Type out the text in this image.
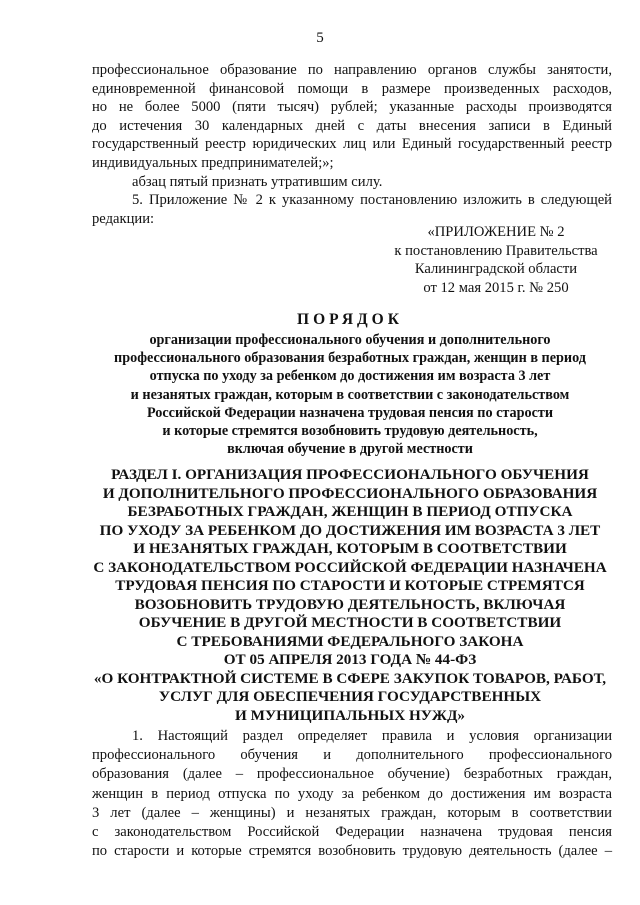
5
профессиональное образование по направлению органов службы занятости,
единовременной финансовой помощи в размере произведенных расходов,
но не более 5000 (пяти тысяч) рублей; указанные расходы производятся
до истечения 30 календарных дней с даты внесения записи в Единый
государственный реестр юридических лиц или Единый государственный реестр
индивидуальных предпринимателей;»;
абзац пятый признать утратившим силу.
5. Приложение № 2 к указанному постановлению изложить в следующей
редакции:
«ПРИЛОЖЕНИЕ № 2
к постановлению Правительства
Калининградской области
от 12 мая 2015 г. № 250
ПОРЯДОК
организации профессионального обучения и дополнительного
профессионального образования безработных граждан, женщин в период
отпуска по уходу за ребенком до достижения им возраста 3 лет
и незанятых граждан, которым в соответствии с законодательством
Российской Федерации назначена трудовая пенсия по старости
и которые стремятся возобновить трудовую деятельность,
включая обучение в другой местности
РАЗДЕЛ I. ОРГАНИЗАЦИЯ ПРОФЕССИОНАЛЬНОГО ОБУЧЕНИЯ
И ДОПОЛНИТЕЛЬНОГО ПРОФЕССИОНАЛЬНОГО ОБРАЗОВАНИЯ
БЕЗРАБОТНЫХ ГРАЖДАН, ЖЕНЩИН В ПЕРИОД ОТПУСКА
ПО УХОДУ ЗА РЕБЕНКОМ ДО ДОСТИЖЕНИЯ ИМ ВОЗРАСТА 3 ЛЕТ
И НЕЗАНЯТЫХ ГРАЖДАН, КОТОРЫМ В СООТВЕТСТВИИ
С ЗАКОНОДАТЕЛЬСТВОМ РОССИЙСКОЙ ФЕДЕРАЦИИ НАЗНАЧЕНА
ТРУДОВАЯ ПЕНСИЯ ПО СТАРОСТИ И КОТОРЫЕ СТРЕМЯТСЯ
ВОЗОБНОВИТЬ ТРУДОВУЮ ДЕЯТЕЛЬНОСТЬ, ВКЛЮЧАЯ
ОБУЧЕНИЕ В ДРУГОЙ МЕСТНОСТИ В СООТВЕТСТВИИ
С ТРЕБОВАНИЯМИ ФЕДЕРАЛЬНОГО ЗАКОНА
ОТ 05 АПРЕЛЯ 2013 ГОДА № 44-ФЗ
«О КОНТРАКТНОЙ СИСТЕМЕ В СФЕРЕ ЗАКУПОК ТОВАРОВ, РАБОТ,
УСЛУГ ДЛЯ ОБЕСПЕЧЕНИЯ ГОСУДАРСТВЕННЫХ
И МУНИЦИПАЛЬНЫХ НУЖД»
1. Настоящий раздел определяет правила и условия организации
профессионального обучения и дополнительного профессионального
образования (далее – профессиональное обучение) безработных граждан,
женщин в период отпуска по уходу за ребенком до достижения им возраста
3 лет (далее – женщины) и незанятых граждан, которым в соответствии
с законодательством Российской Федерации назначена трудовая пенсия
по старости и которые стремятся возобновить трудовую деятельность (далее –
